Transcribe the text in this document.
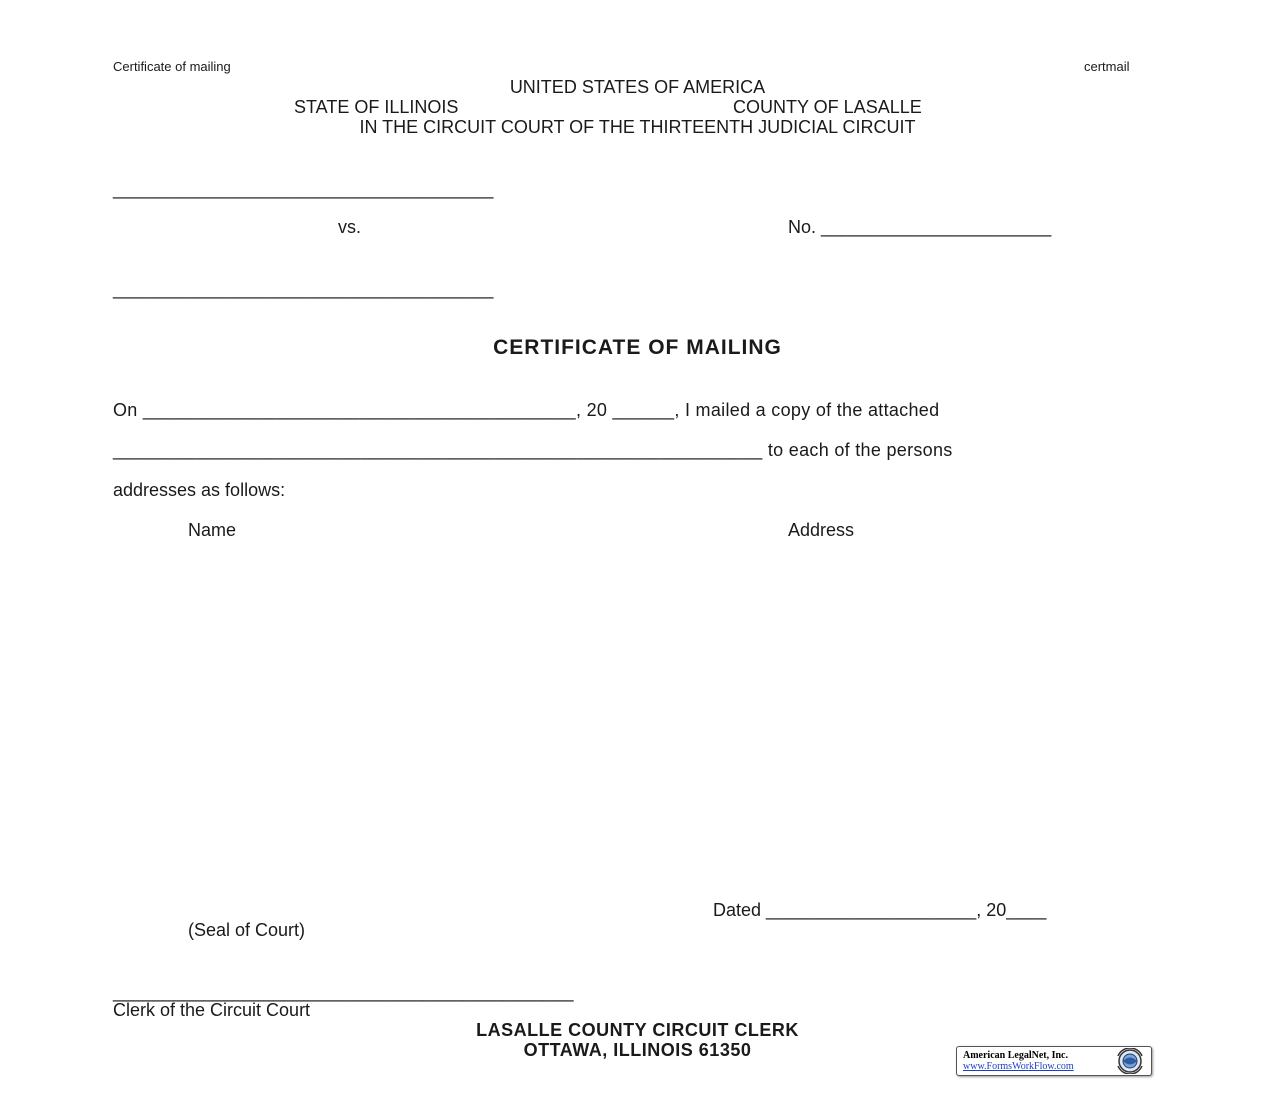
Certificate of mailing	certmail
UNITED STATES OF AMERICA
STATE OF ILLINOIS	COUNTY OF LASALLE
IN THE CIRCUIT COURT OF THE THIRTEENTH JUDICIAL CIRCUIT
______________________________________
vs.	No. _______________________
______________________________________
CERTIFICATE OF MAILING
On __________________________________________, 20 ______, I mailed a copy of the attached
_______________________________________________________________ to each of the persons
addresses as follows:
Name	Address
Dated _____________________, 20____
(Seal of Court)
______________________________________________
Clerk of the Circuit Court
LASALLE COUNTY CIRCUIT CLERK
OTTAWA, ILLINOIS 61350	American LegalNet, Inc.
www.FormsWorkFlow.com
